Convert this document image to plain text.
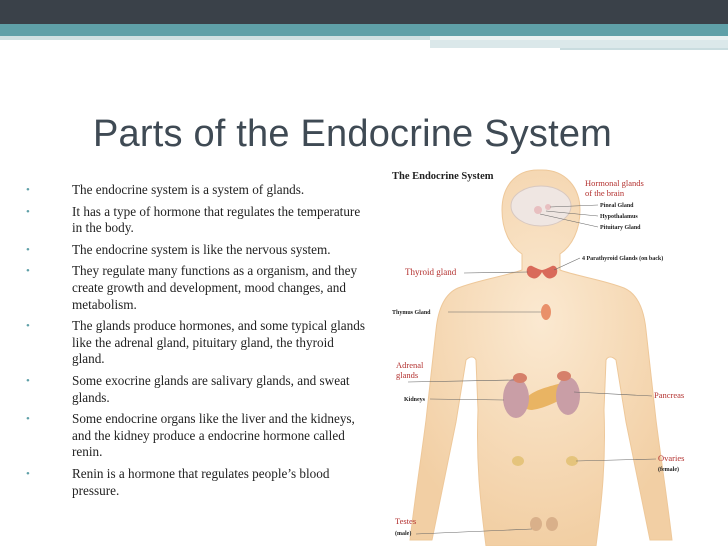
Parts of the Endocrine System
•	The endocrine system is a system of glands.
•	It has a type of hormone that regulates the temperature in the body.
•	The endocrine system is like the nervous system.
•	They regulate many functions as a organism, and they create growth and development, mood changes, and metabolism.
•	The glands produce hormones, and some typical glands like the adrenal gland, pituitary gland, the thyroid gland.
•	Some exocrine glands are salivary glands, and sweat glands.
•	Some endocrine organs like the liver and the kidneys, and the kidney produce a endocrine hormone called renin.
•	Renin is a hormone that regulates people’s blood pressure.
The Endocrine System
Hormonal glands
of the brain
Pineal Gland
Hypothalamus
Pituitary Gland
4 Parathyroid Glands (on back)
Thyroid gland
Thymus Gland
Adrenal
glands
Kidneys	Pancreas
Ovaries
(female)
Testes
(male)
